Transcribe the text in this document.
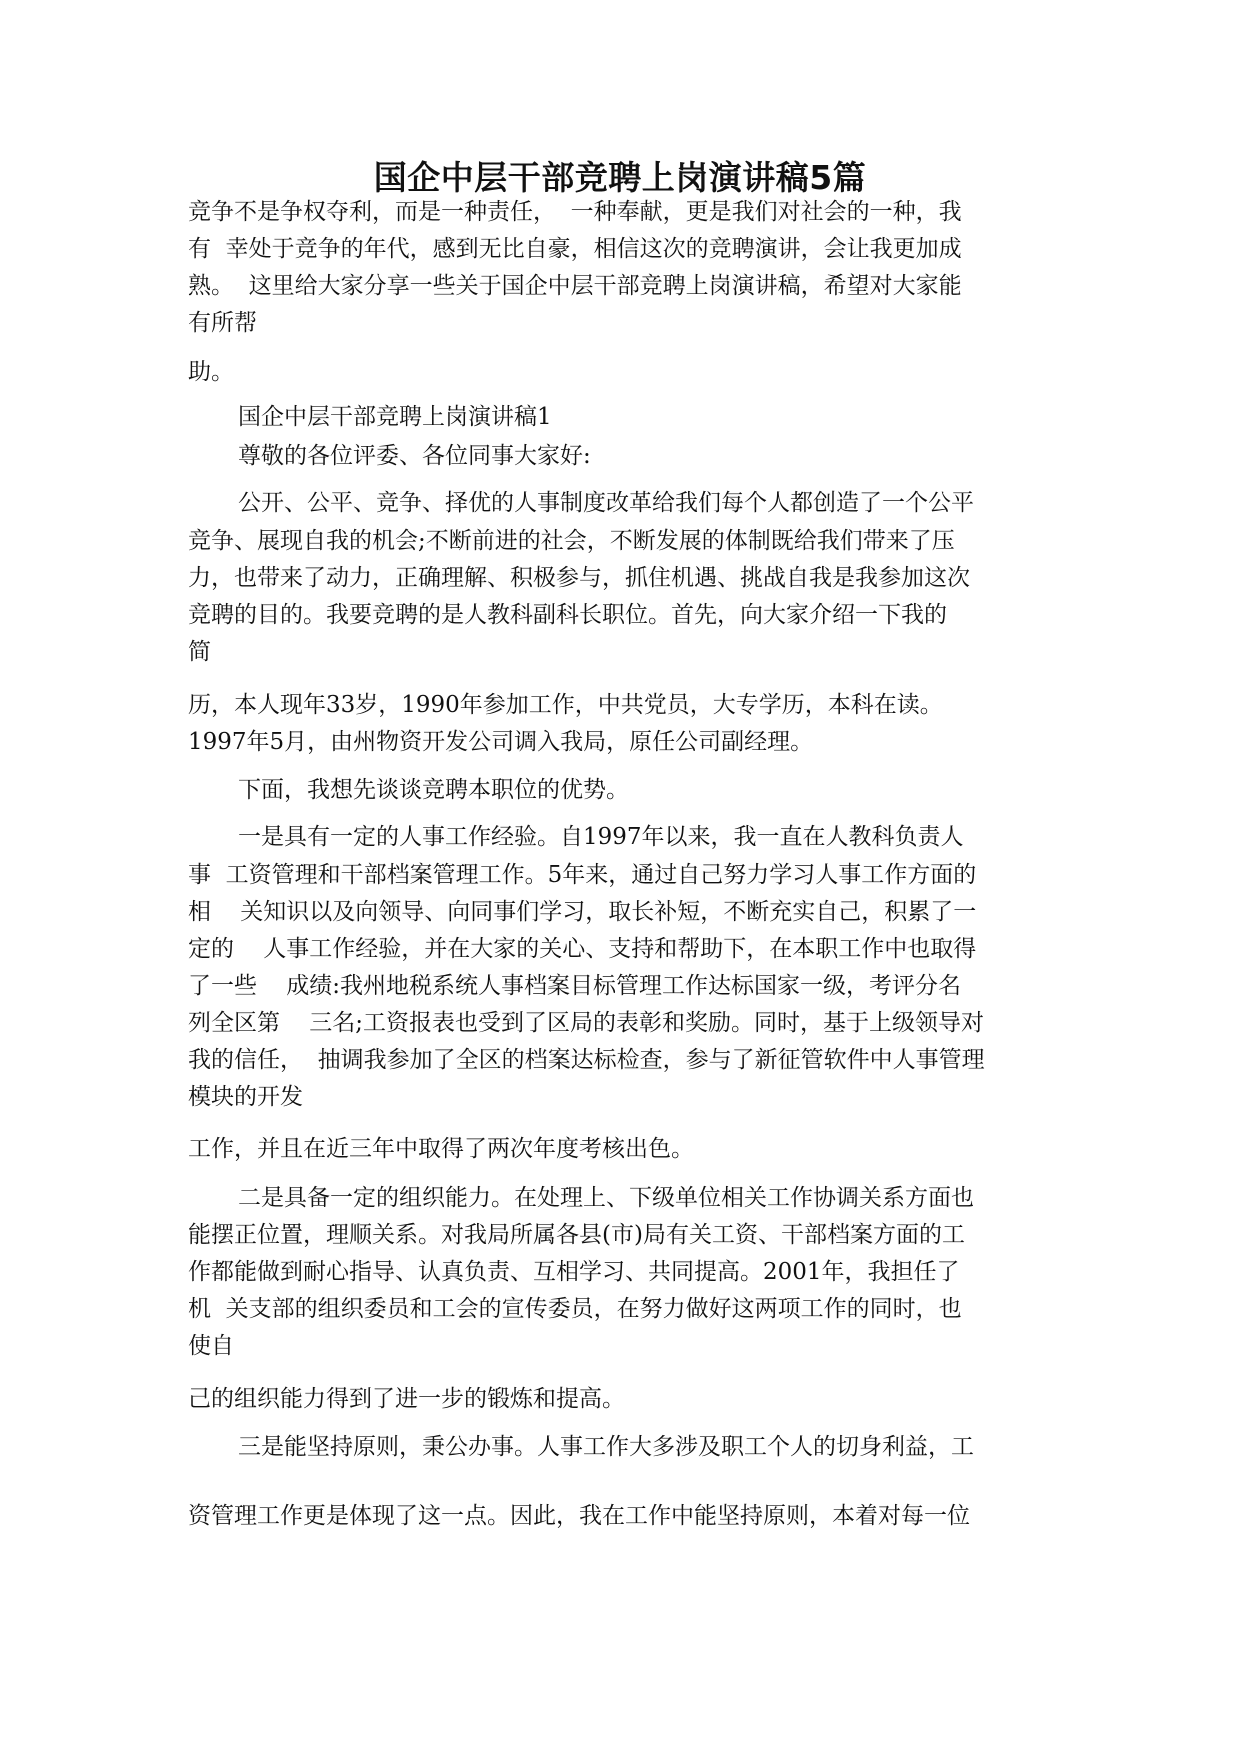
国企中层干部竞聘上岗演讲稿5篇

竞争不是争权夺利，而是一种责任，  一种奉献，更是我们对社会的一种，我

有  幸处于竞争的年代，感到无比自豪，相信这次的竞聘演讲，会让我更加成

熟。  这里给大家分享一些关于国企中层干部竞聘上岗演讲稿，希望对大家能

有所帮

助。

国企中层干部竞聘上岗演讲稿1

尊敬的各位评委、各位同事大家好:

公开、公平、竞争、择优的人事制度改革给我们每个人都创造了一个公平

竞争、展现自我的机会;不断前进的社会，不断发展的体制既给我们带来了压

力，也带来了动力，正确理解、积极参与，抓住机遇、挑战自我是我参加这次

竞聘的目的。我要竞聘的是人教科副科长职位。首先，向大家介绍一下我的

简

历，本人现年33岁，1990年参加工作，中共党员，大专学历，本科在读。

1997年5月，由州物资开发公司调入我局，原任公司副经理。

下面，我想先谈谈竞聘本职位的优势。

一是具有一定的人事工作经验。自1997年以来，我一直在人教科负责人

事  工资管理和干部档案管理工作。5年来，通过自己努力学习人事工作方面的

相    关知识以及向领导、向同事们学习，取长补短，不断充实自己，积累了一

定的    人事工作经验，并在大家的关心、支持和帮助下，在本职工作中也取得

了一些    成绩:我州地税系统人事档案目标管理工作达标国家一级，考评分名

列全区第    三名;工资报表也受到了区局的表彰和奖励。同时，基于上级领导对

我的信任，  抽调我参加了全区的档案达标检查，参与了新征管软件中人事管理

模块的开发

工作，并且在近三年中取得了两次年度考核出色。

二是具备一定的组织能力。在处理上、下级单位相关工作协调关系方面也

能摆正位置，理顺关系。对我局所属各县(市)局有关工资、干部档案方面的工

作都能做到耐心指导、认真负责、互相学习、共同提高。2001年，我担任了

机  关支部的组织委员和工会的宣传委员，在努力做好这两项工作的同时，也

使自

己的组织能力得到了进一步的锻炼和提高。

三是能坚持原则，秉公办事。人事工作大多涉及职工个人的切身利益，工

资管理工作更是体现了这一点。因此，我在工作中能坚持原则，本着对每一位
